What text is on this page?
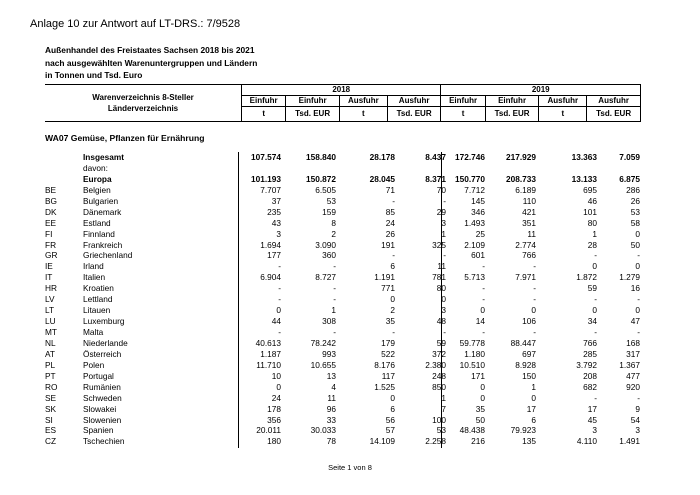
Anlage 10 zur Antwort auf LT-DRS.: 7/9528
Außenhandel des Freistaates Sachsen 2018 bis 2021
nach ausgewählten Warenuntergruppen und Ländern
in Tonnen und Tsd. Euro
Warenverzeichnis 8-Steller
Länderverzeichnis	2018				2019			
	Einfuhr	Einfuhr	Ausfuhr	Ausfuhr	Einfuhr	Einfuhr	Ausfuhr	Ausfuhr
	t	Tsd. EUR	t	Tsd. EUR	t	Tsd. EUR	t	Tsd. EUR
WA07 Gemüse, Pflanzen für Ernährung
Insgesamt	107.574	158.840	28.178	8.437	172.746	217.929	13.363	7.059
davon:
Europa	101.193	150.872	28.045	8.371	150.770	208.733	13.133	6.875
BE	Belgien	7.707	6.505	71	70	7.712	6.189	695	286
BG	Bulgarien	37	53	-	-	145	110	46	26
DK	Dänemark	235	159	85	29	346	421	101	53
EE	Estland	43	8	24	3	1.493	351	80	58
FI	Finnland	3	2	26	1	25	11	1	0
FR	Frankreich	1.694	3.090	191	325	2.109	2.774	28	50
GR	Griechenland	177	360	-	-	601	766	-	-
IE	Irland	-	-	6	11	-	-	0	0
IT	Italien	6.904	8.727	1.191	781	5.713	7.971	1.872	1.279
HR	Kroatien	-	-	771	80	-	-	59	16
LV	Lettland	-	-	0	0	-	-	-	-
LT	Litauen	0	1	2	3	0	0	0	0
LU	Luxemburg	44	308	35	48	14	106	34	47
MT	Malta	-	-	-	-	-	-	-	-
NL	Niederlande	40.613	78.242	179	59	59.778	88.447	766	168
AT	Österreich	1.187	993	522	372	1.180	697	285	317
PL	Polen	11.710	10.655	8.176	2.380	10.510	8.928	3.792	1.367
PT	Portugal	10	13	117	248	171	150	208	477
RO	Rumänien	0	4	1.525	850	0	1	682	920
SE	Schweden	24	11	0	1	0	0	-	-
SK	Slowakei	178	96	6	7	35	17	17	9
SI	Slowenien	356	33	56	100	50	6	45	54
ES	Spanien	20.011	30.033	57	53	48.438	79.923	3	3
CZ	Tschechien	180	78	14.109	2.258	216	135	4.110	1.491
Seite 1 von 8
